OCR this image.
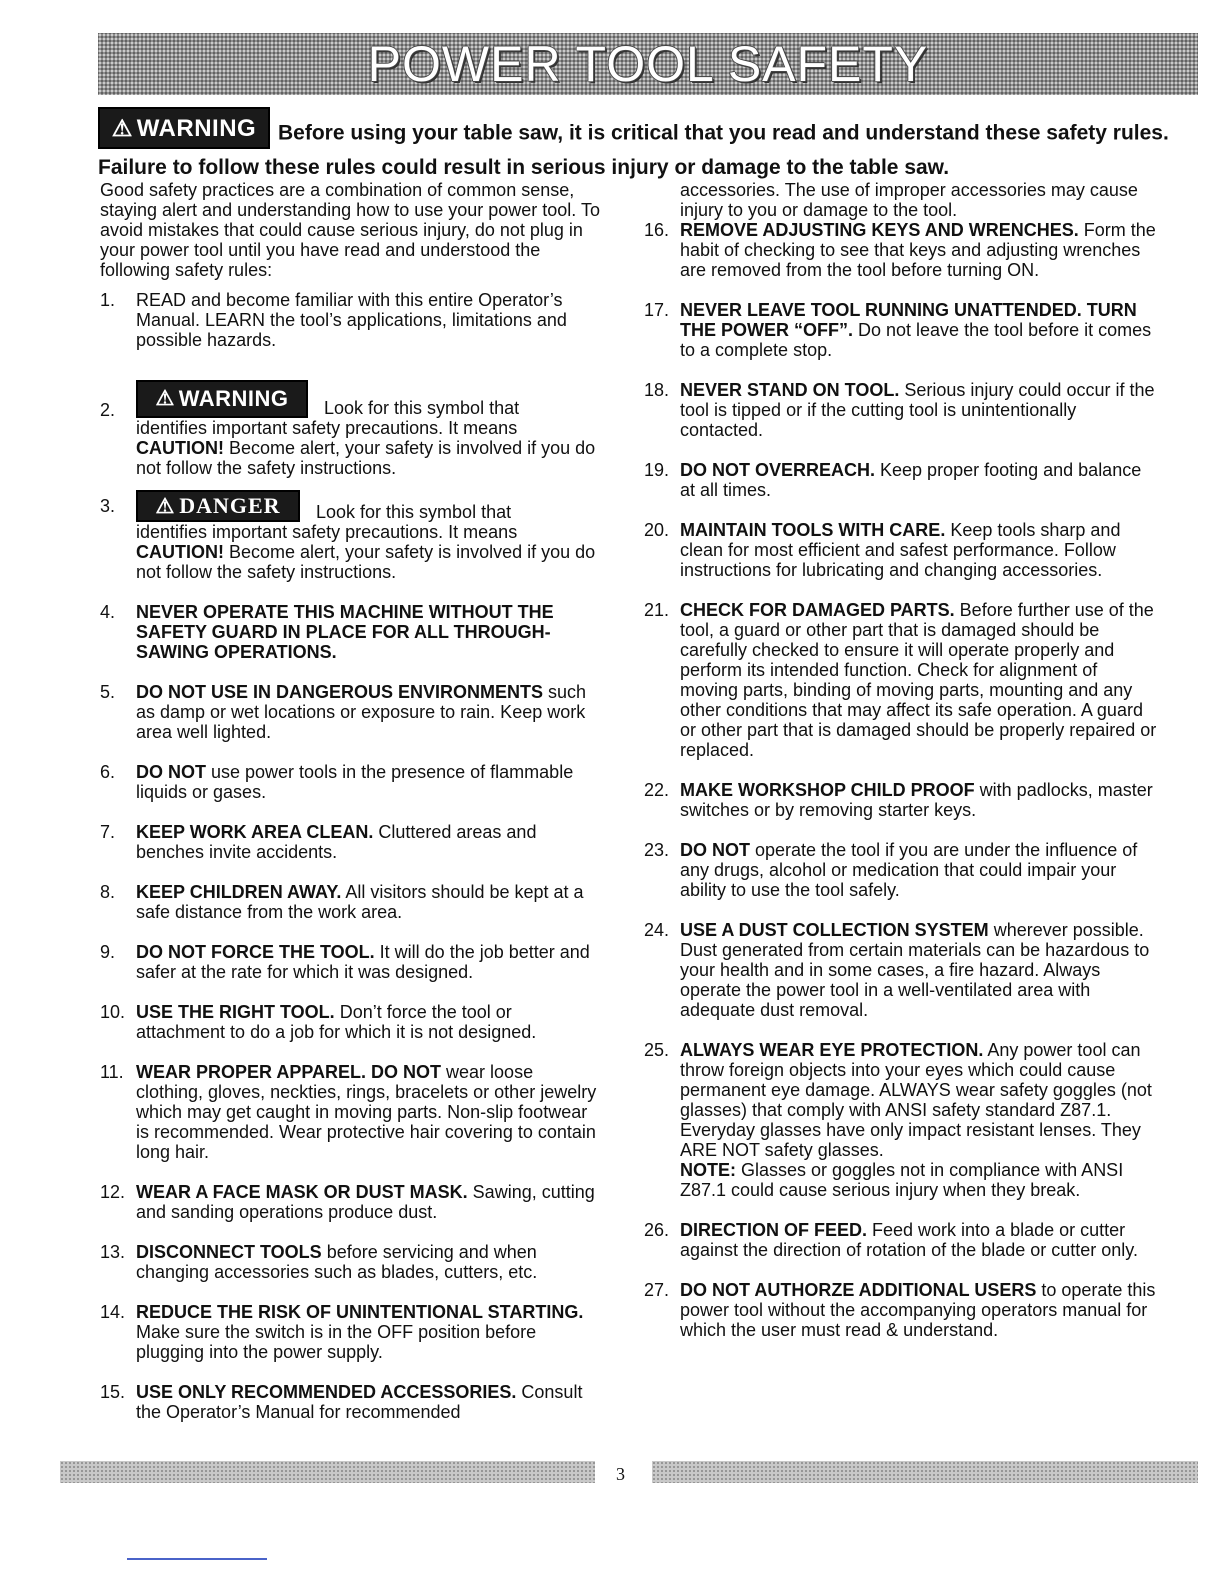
POWER TOOL SAFETY
⚠ WARNING Before using your table saw, it is critical that you read and understand these safety rules. Failure to follow these rules could result in serious injury or damage to the table saw.

Good safety practices are a combination of common sense, staying alert and understanding how to use your power tool. To avoid mistakes that could cause serious injury, do not plug in your power tool until you have read and understood the following safety rules:

1.	READ and become familiar with this entire Operator’s Manual. LEARN the tool’s applications, limitations and possible hazards.
2.
⚠ WARNING Look for this symbol that
identifies important safety precautions. It means CAUTION! Become alert, your safety is involved if you do not follow the safety instructions.
3.	⚠ DANGER Look for this symbol that
identifies important safety precautions. It means CAUTION! Become alert, your safety is involved if you do not follow the safety instructions.
4.	NEVER OPERATE THIS MACHINE WITHOUT THE SAFETY GUARD IN PLACE FOR ALL THROUGH-SAWING OPERATIONS.
5.	DO NOT USE IN DANGEROUS ENVIRONMENTS such as damp or wet locations or exposure to rain. Keep work area well lighted.
6.	DO NOT use power tools in the presence of flammable liquids or gases.
7.	KEEP WORK AREA CLEAN. Cluttered areas and benches invite accidents.
8.	KEEP CHILDREN AWAY. All visitors should be kept at a safe distance from the work area.
9.	DO NOT FORCE THE TOOL. It will do the job better and safer at the rate for which it was designed.
10. USE THE RIGHT TOOL. Don’t force the tool or attachment to do a job for which it is not designed.
11. WEAR PROPER APPAREL. DO NOT wear loose clothing, gloves, neckties, rings, bracelets or other jewelry which may get caught in moving parts. Non-slip footwear is recommended. Wear protective hair covering to contain long hair.
12. WEAR A FACE MASK OR DUST MASK. Sawing, cutting and sanding operations produce dust.
13. DISCONNECT TOOLS before servicing and when changing accessories such as blades, cutters, etc.
14. REDUCE THE RISK OF UNINTENTIONAL STARTING. Make sure the switch is in the OFF position before plugging into the power supply.
15. USE ONLY RECOMMENDED ACCESSORIES. Consult the Operator’s Manual for recommended
accessories. The use of improper accessories may cause injury to you or damage to the tool.
16. REMOVE ADJUSTING KEYS AND WRENCHES. Form the habit of checking to see that keys and adjusting wrenches are removed from the tool before turning ON.
17. NEVER LEAVE TOOL RUNNING UNATTENDED. TURN THE POWER “OFF”. Do not leave the tool before it comes to a complete stop.
18. NEVER STAND ON TOOL. Serious injury could occur if the tool is tipped or if the cutting tool is unintentionally contacted.
19. DO NOT OVERREACH. Keep proper footing and balance at all times.
20. MAINTAIN TOOLS WITH CARE. Keep tools sharp and clean for most efficient and safest performance. Follow instructions for lubricating and changing accessories.
21. CHECK FOR DAMAGED PARTS. Before further use of the tool, a guard or other part that is damaged should be carefully checked to ensure it will operate properly and perform its intended function. Check for alignment of moving parts, binding of moving parts, mounting and any other conditions that may affect its safe operation. A guard or other part that is damaged should be properly repaired or replaced.
22. MAKE WORKSHOP CHILD PROOF with padlocks, master switches or by removing starter keys.
23. DO NOT operate the tool if you are under the influence of any drugs, alcohol or medication that could impair your ability to use the tool safely.
24. USE A DUST COLLECTION SYSTEM wherever possible. Dust generated from certain materials can be hazardous to your health and in some cases, a fire hazard. Always operate the power tool in a well-ventilated area with adequate dust removal.
25. ALWAYS WEAR EYE PROTECTION. Any power tool can throw foreign objects into your eyes which could cause permanent eye damage. ALWAYS wear safety goggles (not glasses) that comply with ANSI safety standard Z87.1. Everyday glasses have only impact resistant lenses. They ARE NOT safety glasses.
NOTE: Glasses or goggles not in compliance with ANSI Z87.1 could cause serious injury when they break.
26. DIRECTION OF FEED. Feed work into a blade or cutter against the direction of rotation of the blade or cutter only.
27. DO NOT AUTHORZE ADDITIONAL USERS to operate this power tool without the accompanying operators manual for which the user must read & understand.
3
